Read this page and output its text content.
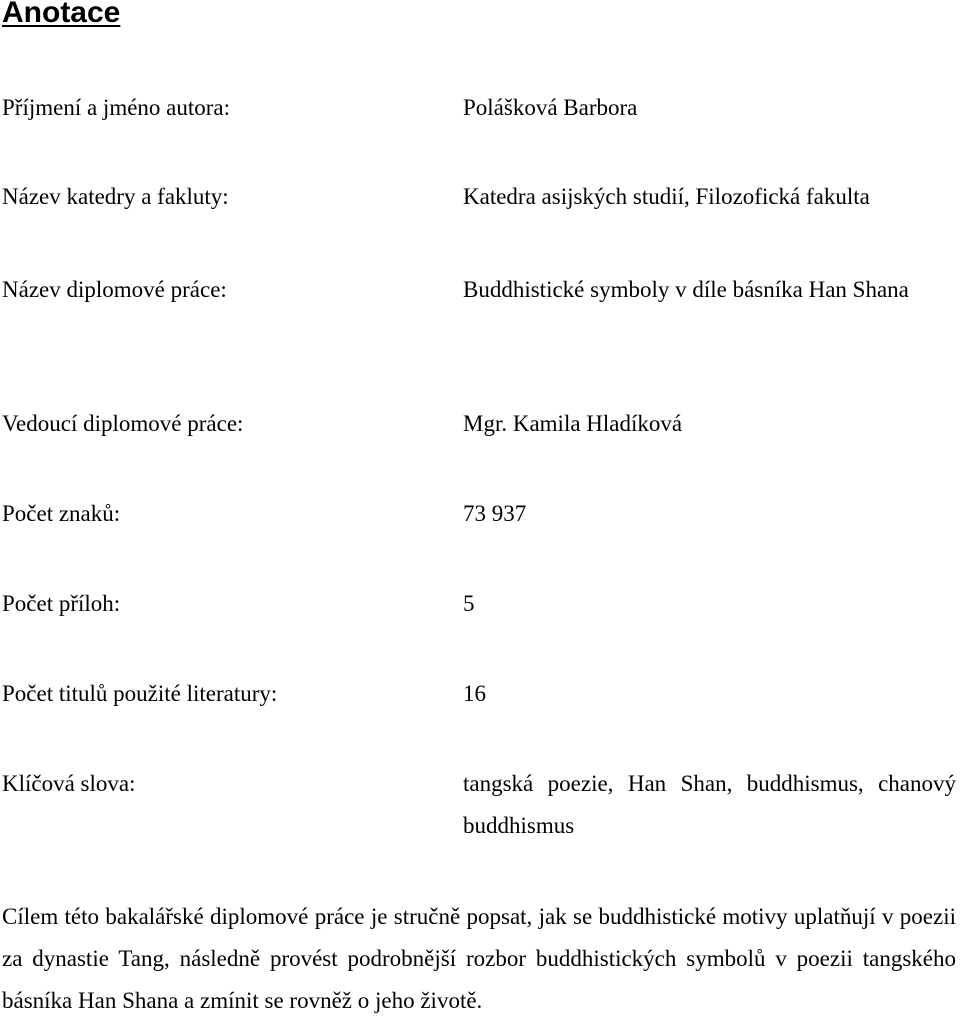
Anotace

Příjmení a jméno autora:	Polášková Barbora

Název katedry a fakluty:	Katedra asijských studií, Filozofická fakulta

Název diplomové práce:	Buddhistické symboly v díle básníka Han Shana

Vedoucí diplomové práce:	Mgr. Kamila Hladíková

Počet znaků:	73 937

Počet příloh:	5

Počet titulů použité literatury:	16

Klíčová slova:	tangská poezie, Han Shan, buddhismus, chanový buddhismus

Cílem této bakalářské diplomové práce je stručně popsat, jak se buddhistické motivy uplatňují v poezii za dynastie Tang, následně provést podrobnější rozbor buddhistických symbolů v poezii tangského básníka Han Shana a zmínit se rovněž o jeho životě.
